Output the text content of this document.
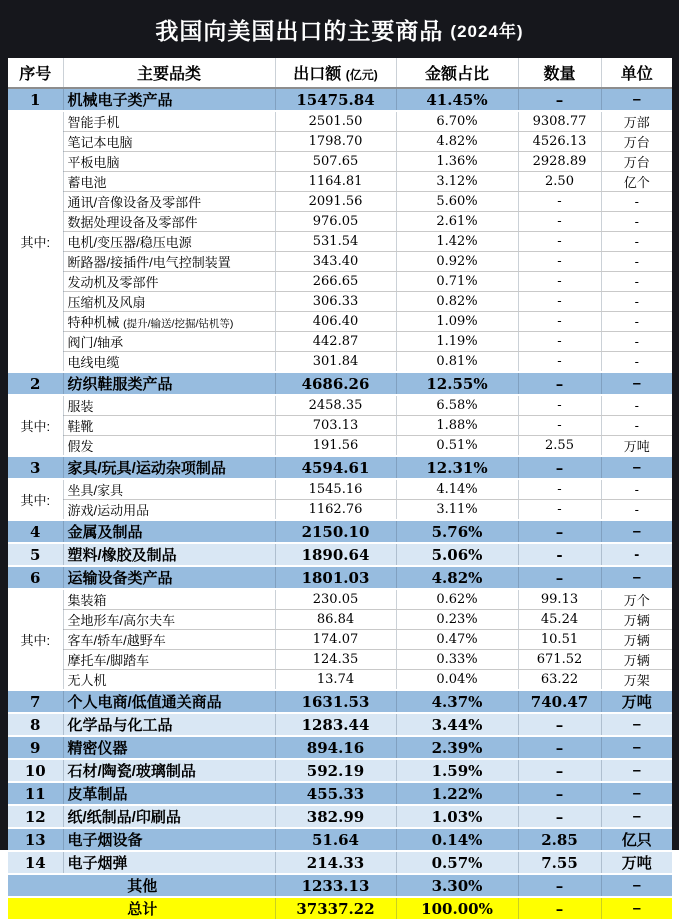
我国向美国出口的主要商品 (2024年)
序号	主要品类	出口额 (亿元)	金额占比	数量	单位
1	机械电子类产品	15475.84	41.45%	–	–
其中:	智能手机	2501.50	6.70%	9308.77	万部
	笔记本电脑	1798.70	4.82%	4526.13	万台
	平板电脑	507.65	1.36%	2928.89	万台
	蓄电池	1164.81	3.12%	2.50	亿个
	通讯/音像设备及零部件	2091.56	5.60%	-	-
	数据处理设备及零部件	976.05	2.61%	-	-
	电机/变压器/稳压电源	531.54	1.42%	-	-
	断路器/接插件/电气控制装置	343.40	0.92%	-	-
	发动机及零部件	266.65	0.71%	-	-
	压缩机及风扇	306.33	0.82%	-	-
	特种机械 (提升/输送/挖掘/钻机等)	406.40	1.09%	-	-
	阀门/轴承	442.87	1.19%	-	-
	电线电缆	301.84	0.81%	-	-
2	纺织鞋服类产品	4686.26	12.55%	–	–
其中:	服装	2458.35	6.58%	-	-
	鞋靴	703.13	1.88%	-	-
	假发	191.56	0.51%	2.55	万吨
3	家具/玩具/运动杂项制品	4594.61	12.31%	–	–
其中:	坐具/家具	1545.16	4.14%	-	-
	游戏/运动用品	1162.76	3.11%	-	-
4	金属及制品	2150.10	5.76%	–	–
5	塑料/橡胶及制品	1890.64	5.06%	-	-
6	运输设备类产品	1801.03	4.82%	–	–
其中:	集装箱	230.05	0.62%	99.13	万个
	全地形车/高尔夫车	86.84	0.23%	45.24	万辆
	客车/轿车/越野车	174.07	0.47%	10.51	万辆
	摩托车/脚踏车	124.35	0.33%	671.52	万辆
	无人机	13.74	0.04%	63.22	万架
7	个人电商/低值通关商品	1631.53	4.37%	740.47	万吨
8	化学品与化工品	1283.44	3.44%	–	–
9	精密仪器	894.16	2.39%	–	–
10	石材/陶瓷/玻璃制品	592.19	1.59%	–	–
11	皮革制品	455.33	1.22%	–	–
12	纸/纸制品/印刷品	382.99	1.03%	–	–
13	电子烟设备	51.64	0.14%	2.85	亿只
14	电子烟弹	214.33	0.57%	7.55	万吨
其他		1233.13	3.30%	–	–
总计		37337.22	100.00%	–	–
